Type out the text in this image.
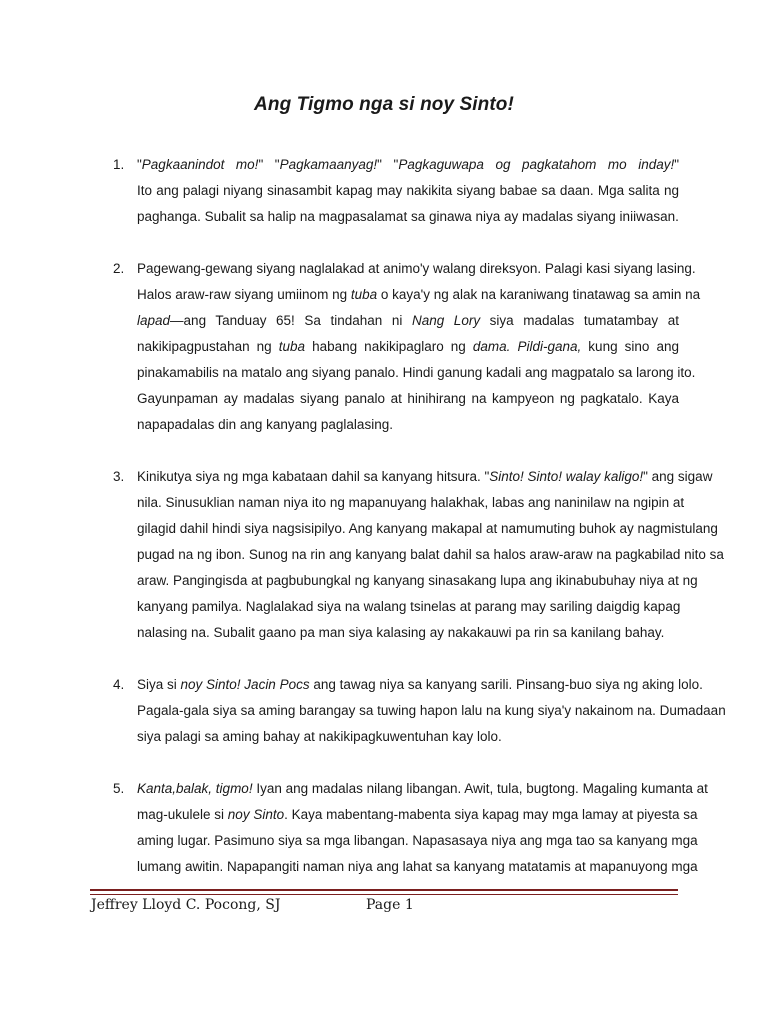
Ang Tigmo nga si noy Sinto!
1. "Pagkaanindot mo!" "Pagkamaanyag!" "Pagkaguwapa og pagkatahom mo inday!"
Ito ang palagi niyang sinasambit kapag may nakikita siyang babae sa daan. Mga salita ng
paghanga. Subalit sa halip na magpasalamat sa ginawa niya ay madalas siyang iniiwasan.
2. Pagewang-gewang siyang naglalakad at animo'y walang direksyon. Palagi kasi siyang lasing.
Halos araw-raw siyang umiinom ng tuba o kaya'y ng alak na karaniwang tinatawag sa amin na
lapad—ang Tanduay 65! Sa tindahan ni Nang Lory siya madalas tumatambay at
nakikipagpustahan ng tuba habang nakikipaglaro ng dama. Pildi-gana, kung sino ang
pinakamabilis na matalo ang siyang panalo. Hindi ganung kadali ang magpatalo sa larong ito.
Gayunpaman ay madalas siyang panalo at hinihirang na kampyeon ng pagkatalo. Kaya
napapadalas din ang kanyang paglalasing.
3. Kinikutya siya ng mga kabataan dahil sa kanyang hitsura. "Sinto! Sinto! walay kaligo!" ang sigaw
nila. Sinusuklian naman niya ito ng mapanuyang halakhak, labas ang naninilaw na ngipin at
gilagid dahil hindi siya nagsisipilyo. Ang kanyang makapal at namumuting buhok ay nagmistulang
pugad na ng ibon. Sunog na rin ang kanyang balat dahil sa halos araw-araw na pagkabilad nito sa
araw. Pangingisda at pagbubungkal ng kanyang sinasakang lupa ang ikinabubuhay niya at ng
kanyang pamilya. Naglalakad siya na walang tsinelas at parang may sariling daigdig kapag
nalasing na. Subalit gaano pa man siya kalasing ay nakakauwi pa rin sa kanilang bahay.
4. Siya si noy Sinto! Jacin Pocs ang tawag niya sa kanyang sarili. Pinsang-buo siya ng aking lolo.
Pagala-gala siya sa aming barangay sa tuwing hapon lalu na kung siya'y nakainom na. Dumadaan
siya palagi sa aming bahay at nakikipagkuwentuhan kay lolo.
5. Kanta,balak, tigmo! Iyan ang madalas nilang libangan. Awit, tula, bugtong. Magaling kumanta at
mag-ukulele si noy Sinto. Kaya mabentang-mabenta siya kapag may mga lamay at piyesta sa
aming lugar. Pasimuno siya sa mga libangan. Napasasaya niya ang mga tao sa kanyang mga
lumang awitin. Napapangiti naman niya ang lahat sa kanyang matatamis at mapanuyong mga
Jeffrey Lloyd C. Pocong, SJ	Page 1
